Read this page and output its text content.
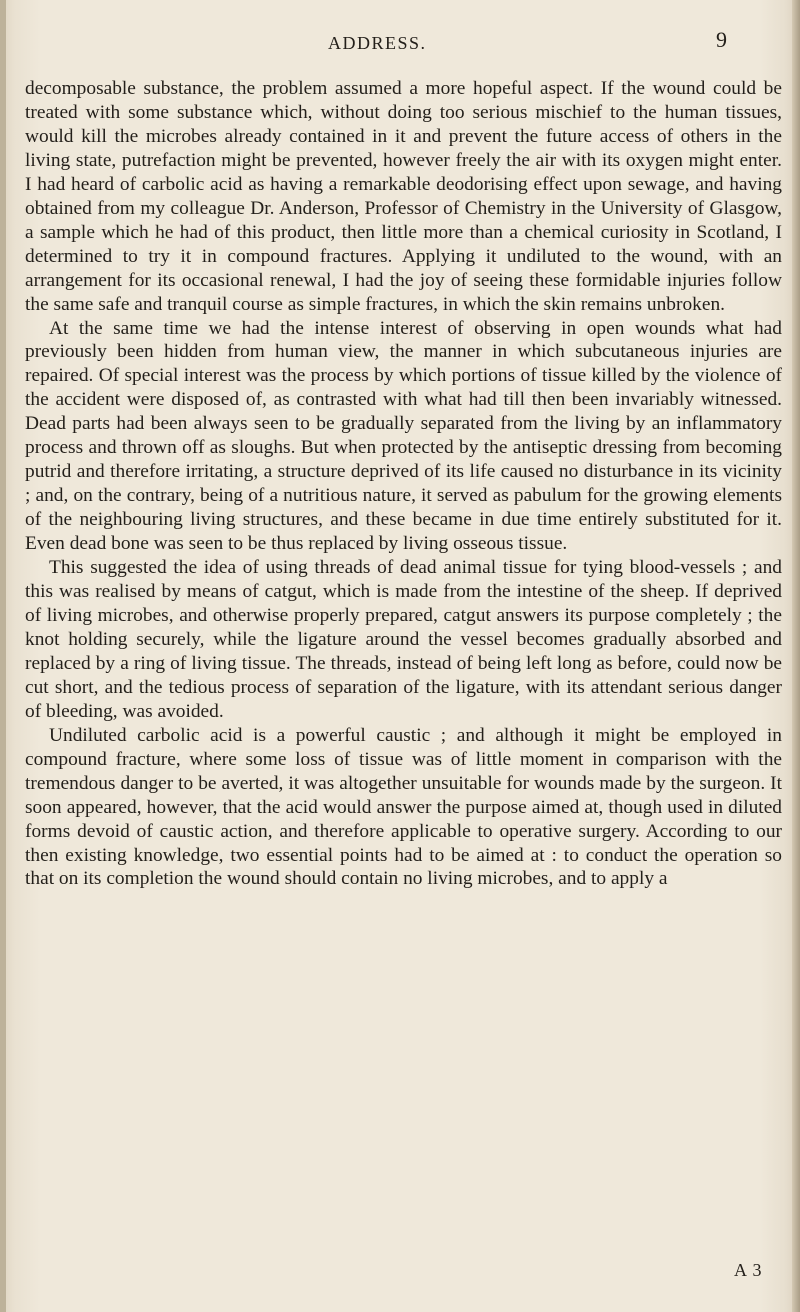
ADDRESS.	9

decomposable substance, the problem assumed a more hopeful aspect. If the wound could be treated with some substance which, without doing too serious mischief to the human tissues, would kill the microbes already contained in it and prevent the future access of others in the living state, putrefaction might be prevented, however freely the air with its oxygen might enter. I had heard of carbolic acid as having a remarkable deodorising effect upon sewage, and having obtained from my colleague Dr. Anderson, Professor of Chemistry in the University of Glasgow, a sample which he had of this product, then little more than a chemical curiosity in Scotland, I determined to try it in compound fractures. Applying it undiluted to the wound, with an arrangement for its occasional renewal, I had the joy of seeing these formidable injuries follow the same safe and tranquil course as simple fractures, in which the skin remains unbroken.

At the same time we had the intense interest of observing in open wounds what had previously been hidden from human view, the manner in which subcutaneous injuries are repaired. Of special interest was the process by which portions of tissue killed by the violence of the accident were disposed of, as contrasted with what had till then been invariably witnessed. Dead parts had been always seen to be gradually separated from the living by an inflammatory process and thrown off as sloughs. But when protected by the antiseptic dressing from becoming putrid and therefore irritating, a structure deprived of its life caused no disturbance in its vicinity ; and, on the contrary, being of a nutritious nature, it served as pabulum for the growing elements of the neighbouring living structures, and these became in due time entirely substituted for it. Even dead bone was seen to be thus replaced by living osseous tissue.

This suggested the idea of using threads of dead animal tissue for tying blood-vessels ; and this was realised by means of catgut, which is made from the intestine of the sheep. If deprived of living microbes, and otherwise properly prepared, catgut answers its purpose completely ; the knot holding securely, while the ligature around the vessel becomes gradually absorbed and replaced by a ring of living tissue. The threads, instead of being left long as before, could now be cut short, and the tedious process of separation of the ligature, with its attendant serious danger of bleeding, was avoided.

Undiluted carbolic acid is a powerful caustic ; and although it might be employed in compound fracture, where some loss of tissue was of little moment in comparison with the tremendous danger to be averted, it was altogether unsuitable for wounds made by the surgeon. It soon appeared, however, that the acid would answer the purpose aimed at, though used in diluted forms devoid of caustic action, and therefore applicable to operative surgery. According to our then existing knowledge, two essential points had to be aimed at : to conduct the operation so that on its completion the wound should contain no living microbes, and to apply a

A 3
